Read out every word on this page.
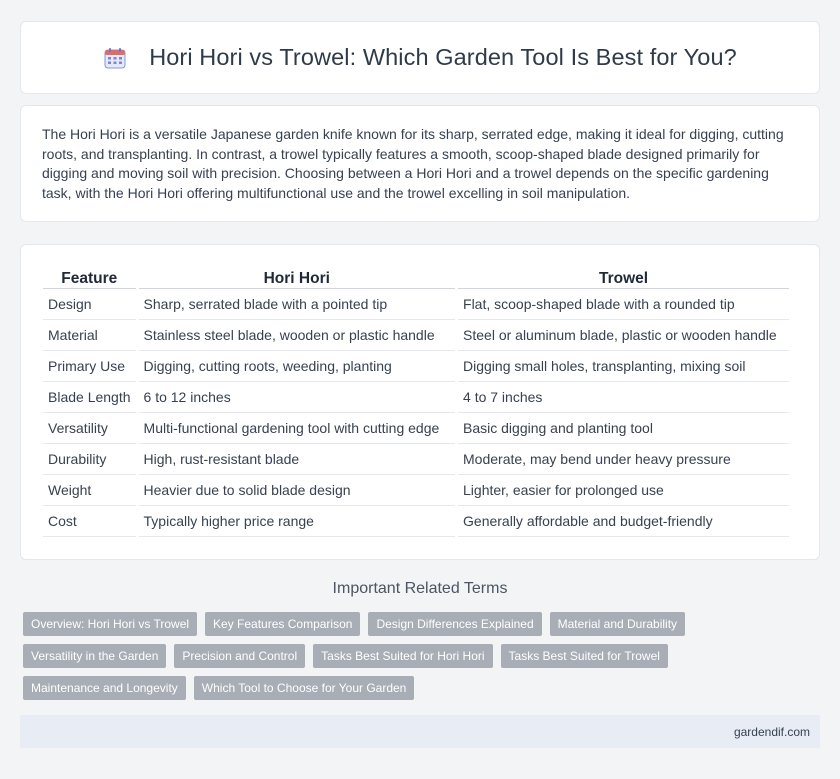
Hori Hori vs Trowel: Which Garden Tool Is Best for You?

The Hori Hori is a versatile Japanese garden knife known for its sharp, serrated edge, making it ideal for digging, cutting roots, and transplanting. In contrast, a trowel typically features a smooth, scoop-shaped blade designed primarily for digging and moving soil with precision. Choosing between a Hori Hori and a trowel depends on the specific gardening task, with the Hori Hori offering multifunctional use and the trowel excelling in soil manipulation.

Feature	Hori Hori	Trowel
Design	Sharp, serrated blade with a pointed tip	Flat, scoop-shaped blade with a rounded tip
Material	Stainless steel blade, wooden or plastic handle	Steel or aluminum blade, plastic or wooden handle
Primary Use	Digging, cutting roots, weeding, planting	Digging small holes, transplanting, mixing soil
Blade Length	6 to 12 inches	4 to 7 inches
Versatility	Multi-functional gardening tool with cutting edge	Basic digging and planting tool
Durability	High, rust-resistant blade	Moderate, may bend under heavy pressure
Weight	Heavier due to solid blade design	Lighter, easier for prolonged use
Cost	Typically higher price range	Generally affordable and budget-friendly
Important Related Terms
Overview: Hori Hori vs Trowel	Key Features Comparison	Design Differences Explained	Material and Durability
Versatility in the Garden	Precision and Control	Tasks Best Suited for Hori Hori	Tasks Best Suited for Trowel
Maintenance and Longevity	Which Tool to Choose for Your Garden
gardendif.com
